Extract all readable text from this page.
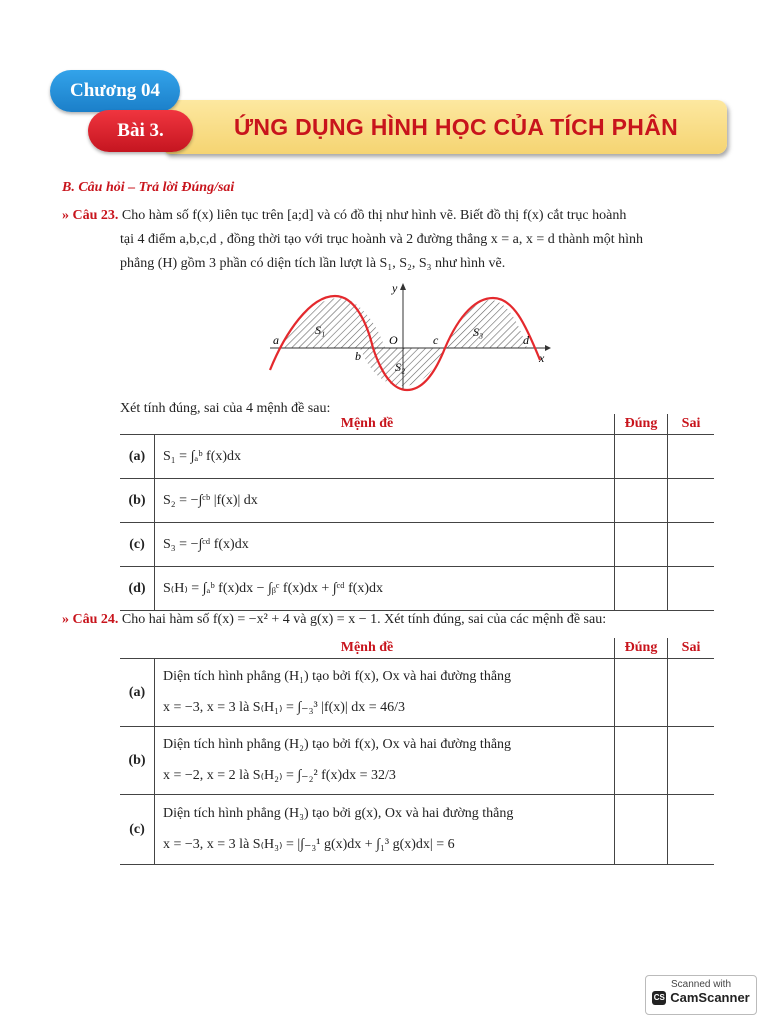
Chương 04
Bài 3.	ỨNG DỤNG HÌNH HỌC CỦA TÍCH PHÂN
B. Câu hỏi – Trả lời Đúng/sai
» Câu 23. Cho hàm số f(x) liên tục trên [a;d] và có đồ thị như hình vẽ. Biết đồ thị f(x) cắt trục hoành
tại 4 điểm a,b,c,d , đồng thời tạo với trục hoành và 2 đường thẳng x = a, x = d thành một hình
phẳng (H) gồm 3 phần có diện tích lần lượt là S₁, S₂, S₃ như hình vẽ.
y
x
O
a
b
c	d
S₁
S₂
S₃
Xét tính đúng, sai của 4 mệnh đề sau:
Mệnh đề		Đúng	Sai
(a)	S₁ = ∫ₐᵇ f(x)dx		
(b)	S₂ = −∫ᶜᵇ |f(x)| dx		
(c)	S₃ = −∫ᶜᵈ f(x)dx		
(d)	S₍H₎ = ∫ₐᵇ f(x)dx − ∫ᵦᶜ f(x)dx + ∫ᶜᵈ f(x)dx		
» Câu 24. Cho hai hàm số f(x) = −x² + 4 và g(x) = x − 1. Xét tính đúng, sai của các mệnh đề sau:
Mệnh đề		Đúng	Sai
(a)	Diện tích hình phẳng (H₁) tạo bởi f(x), Ox và hai đường thẳng
x = −3, x = 3 là S₍H₁₎ = ∫₋₃³ |f(x)| dx = 46/3		

(b)	Diện tích hình phẳng (H₂) tạo bởi f(x), Ox và hai đường thẳng
x = −2, x = 2 là S₍H₂₎ = ∫₋₂² f(x)dx = 32/3		

(c)	Diện tích hình phẳng (H₃) tạo bởi g(x), Ox và hai đường thẳng
x = −3, x = 3 là S₍H₃₎ = |∫₋₃¹ g(x)dx + ∫₁³ g(x)dx| = 6		

Scanned with
CS CamScanner
